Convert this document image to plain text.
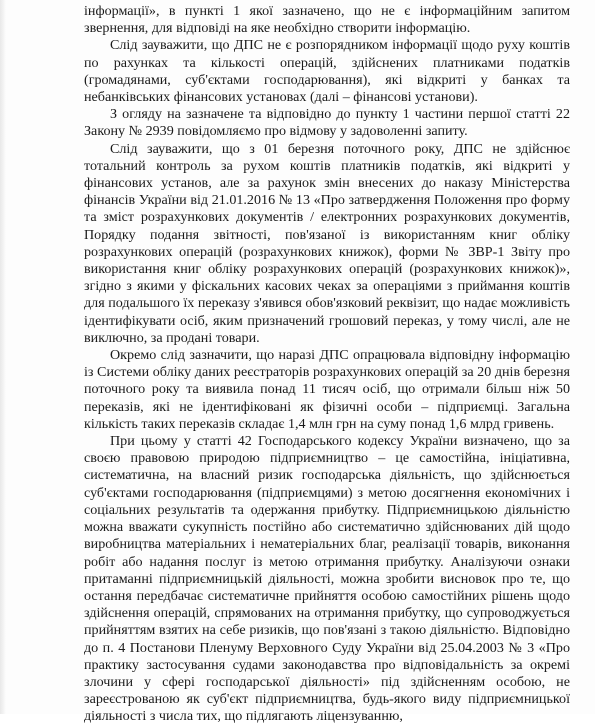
інформації», в пункті 1 якої зазначено, що не є інформаційним запитом звернення, для відповіді на яке необхідно створити інформацію.

Слід зауважити, що ДПС не є розпорядником інформації щодо руху коштів по рахунках та кількості операцій, здійснених платниками податків (громадянами, суб'єктами господарювання), які відкриті у банках та небанківських фінансових установах (далі – фінансові установи).

З огляду на зазначене та відповідно до пункту 1 частини першої статті 22 Закону № 2939 повідомляємо про відмову у задоволенні запиту.

Слід зауважити, що з 01 березня поточного року, ДПС не здійснює тотальний контроль за рухом коштів платників податків, які відкриті у фінансових установ, але за рахунок змін внесених до наказу Міністерства фінансів України від 21.01.2016 № 13 «Про затвердження Положення про форму та зміст розрахункових документів / електронних розрахункових документів, Порядку подання звітності, пов'язаної із використанням книг обліку розрахункових операцій (розрахункових книжок), форми № ЗВР-1 Звіту про використання книг обліку розрахункових операцій (розрахункових книжок)», згідно з якими у фіскальних касових чеках за операціями з приймання коштів для подальшого їх переказу з'явився обов'язковий реквізит, що надає можливість ідентифікувати осіб, яким призначений грошовий переказ, у тому числі, але не виключно, за продані товари.

Окремо слід зазначити, що наразі ДПС опрацювала відповідну інформацію із Системи обліку даних реєстраторів розрахункових операцій за 20 днів березня поточного року та виявила понад 11 тисяч осіб, що отримали більш ніж 50 переказів, які не ідентифіковані як фізичні особи – підприємці. Загальна кількість таких переказів складає 1,4 млн грн на суму понад 1,6 млрд гривень.

При цьому у статті 42 Господарського кодексу України визначено, що за своєю правовою природою підприємництво – це самостійна, ініціативна, систематична, на власний ризик господарська діяльність, що здійснюється суб'єктами господарювання (підприємцями) з метою досягнення економічних і соціальних результатів та одержання прибутку. Підприємницькою діяльністю можна вважати сукупність постійно або систематично здійснюваних дій щодо виробництва матеріальних і нематеріальних благ, реалізації товарів, виконання робіт або надання послуг із метою отримання прибутку. Аналізуючи ознаки притаманні підприємницькій діяльності, можна зробити висновок про те, що остання передбачає систематичне прийняття особою самостійних рішень щодо здійснення операцій, спрямованих на отримання прибутку, що супроводжується прийняттям взятих на себе ризиків, що пов'язані з такою діяльністю. Відповідно до п. 4 Постанови Пленуму Верховного Суду України від 25.04.2003 № 3 «Про практику застосування судами законодавства про відповідальність за окремі злочини у сфері господарської діяльності» під здійсненням особою, не зареєстрованою як суб'єкт підприємництва, будь-якого виду підприємницької діяльності з числа тих, що підлягають ліцензуванню,
